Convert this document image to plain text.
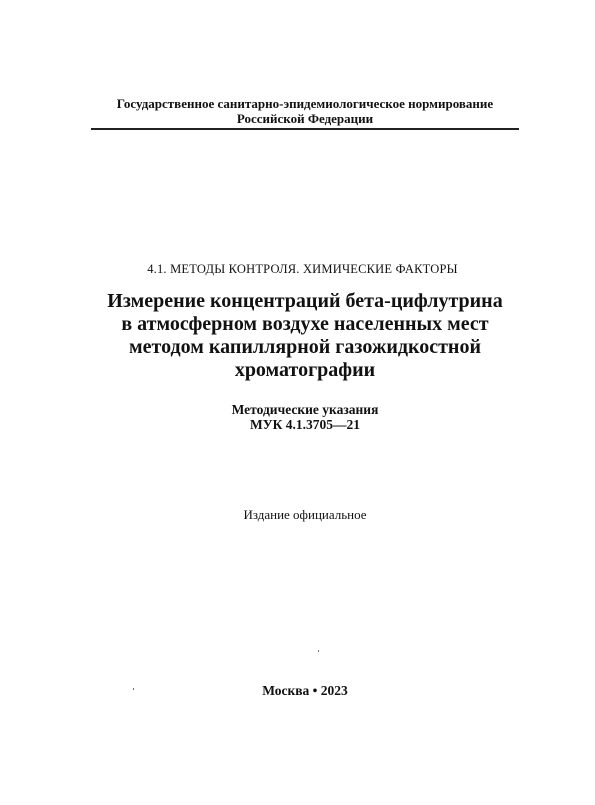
Государственное санитарно-эпидемиологическое нормирование
Российской Федерации
4.1. МЕТОДЫ КОНТРОЛЯ. ХИМИЧЕСКИЕ ФАКТОРЫ
Измерение концентраций бета-цифлутрина
в атмосферном воздухе населенных мест
методом капиллярной газожидкостной
хроматографии
Методические указания
МУК 4.1.3705—21
Издание официальное
Москва • 2023
